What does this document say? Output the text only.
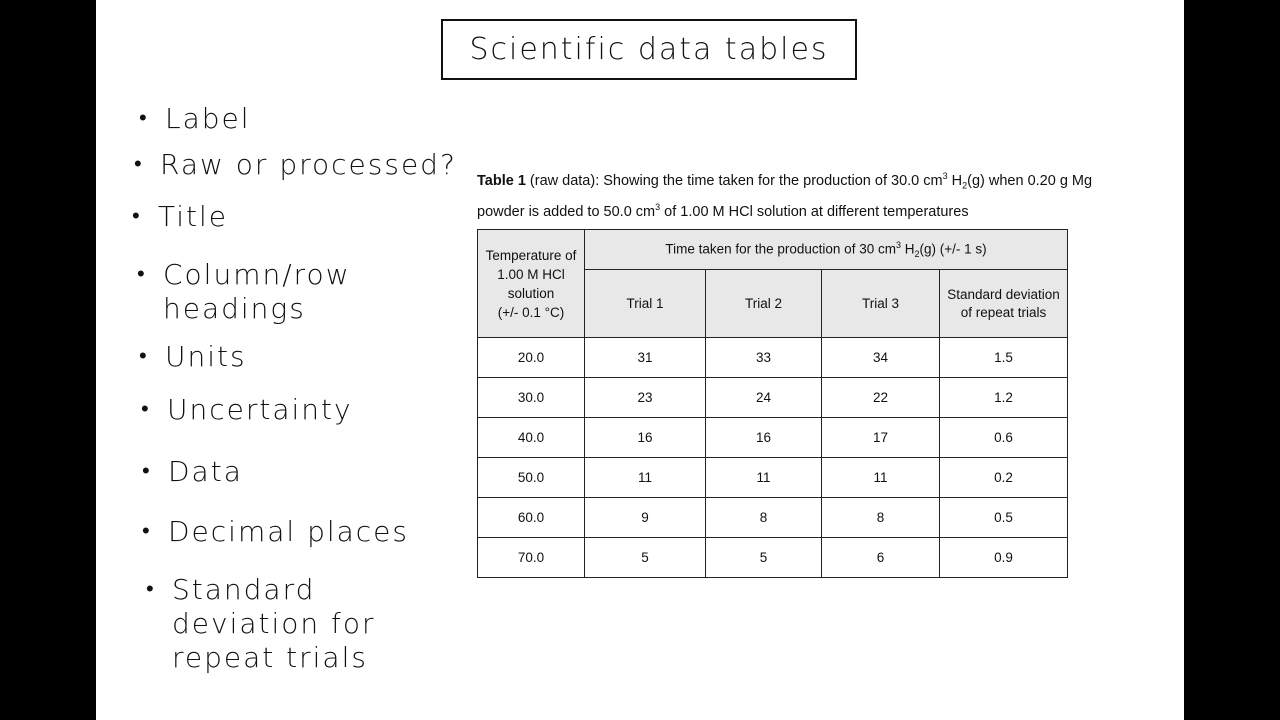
Scientific data tables
• Label
• Raw or processed?
• Title
• Column/row
headings
• Units
• Uncertainty
• Data
• Decimal places
• Standard
deviation for
repeat trials
Table 1 (raw data): Showing the time taken for the production of 30.0 $cm^3$ $H_2(g)$ when 0.20 g Mg powder is added to 50.0 $cm^3$ of 1.00 M HCl solution at different temperatures
Temperature of
1.00 M HCl
solution
(+/- 0.1 °C)	Time taken for the production of 30 $cm^3$ $H_2(g)$ (+/- 1 s)			
	Trial 1	Trial 2	Trial 3	Standard deviation of repeat trials
20.0	31	33	34	1.5
30.0	23	24	22	1.2
40.0	16	16	17	0.6
50.0	11	11	11	0.2
60.0	9	8	8	0.5
70.0	5	5	6	0.9
